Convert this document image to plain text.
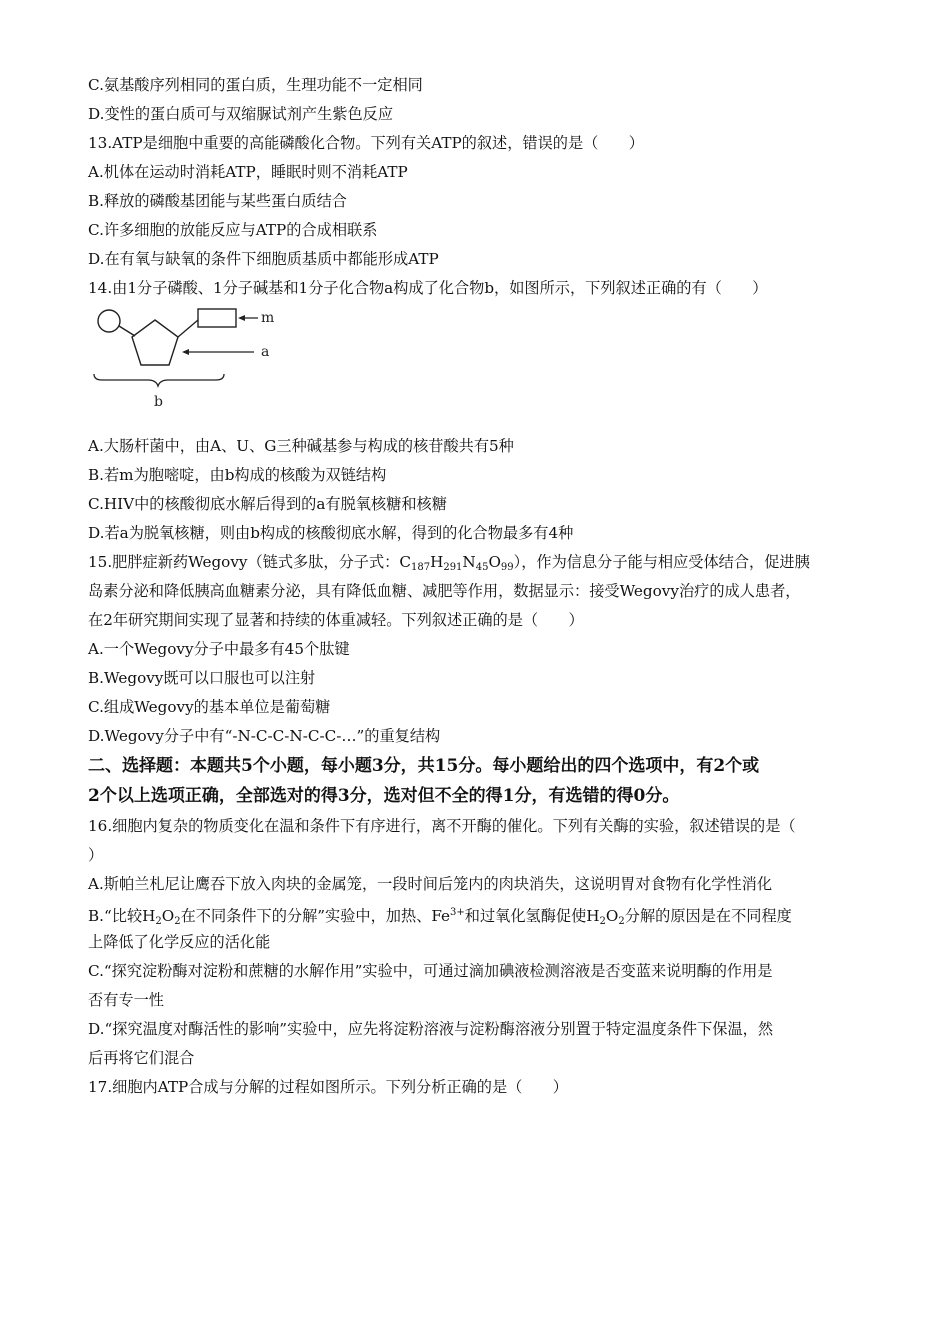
C.氨基酸序列相同的蛋白质，生理功能不一定相同
D.变性的蛋白质可与双缩脲试剂产生紫色反应
13.ATP是细胞中重要的高能磷酸化合物。下列有关ATP的叙述，错误的是（　　）
A.机体在运动时消耗ATP，睡眠时则不消耗ATP
B.释放的磷酸基团能与某些蛋白质结合
C.许多细胞的放能反应与ATP的合成相联系
D.在有氧与缺氧的条件下细胞质基质中都能形成ATP
14.由1分子磷酸、1分子碱基和1分子化合物a构成了化合物b，如图所示，下列叙述正确的有（　　）
m
a
b
A.大肠杆菌中，由A、U、G三种碱基参与构成的核苷酸共有5种
B.若m为胞嘧啶，由b构成的核酸为双链结构
C.HIV中的核酸彻底水解后得到的a有脱氧核糖和核糖
D.若a为脱氧核糖，则由b构成的核酸彻底水解，得到的化合物最多有4种
15.肥胖症新药Wegovy（链式多肽，分子式：$C_{187}H_{291}N_{45}O_{99}$），作为信息分子能与相应受体结合，促进胰
岛素分泌和降低胰高血糖素分泌，具有降低血糖、减肥等作用，数据显示：接受Wegovy治疗的成人患者，
在2年研究期间实现了显著和持续的体重减轻。下列叙述正确的是（　　）
A.一个Wegovy分子中最多有45个肽键
B.Wegovy既可以口服也可以注射
C.组成Wegovy的基本单位是葡萄糖
D.Wegovy分子中有“-N-C-C-N-C-C-…”的重复结构
二、选择题：本题共5个小题，每小题3分，共15分。每小题给出的四个选项中，有2个或
2个以上选项正确，全部选对的得3分，选对但不全的得1分，有选错的得0分。
16.细胞内复杂的物质变化在温和条件下有序进行，离不开酶的催化。下列有关酶的实验，叙述错误的是（
）
A.斯帕兰札尼让鹰吞下放入肉块的金属笼，一段时间后笼内的肉块消失，这说明胃对食物有化学性消化
B.“比较$H_2O_2$在不同条件下的分解”实验中，加热、$Fe^{3+}$和过氧化氢酶促使$H_2O_2$分解的原因是在不同程度
上降低了化学反应的活化能
C.“探究淀粉酶对淀粉和蔗糖的水解作用”实验中，可通过滴加碘液检测溶液是否变蓝来说明酶的作用是
否有专一性
D.“探究温度对酶活性的影响”实验中，应先将淀粉溶液与淀粉酶溶液分别置于特定温度条件下保温，然
后再将它们混合
17.细胞内ATP合成与分解的过程如图所示。下列分析正确的是（　　）
